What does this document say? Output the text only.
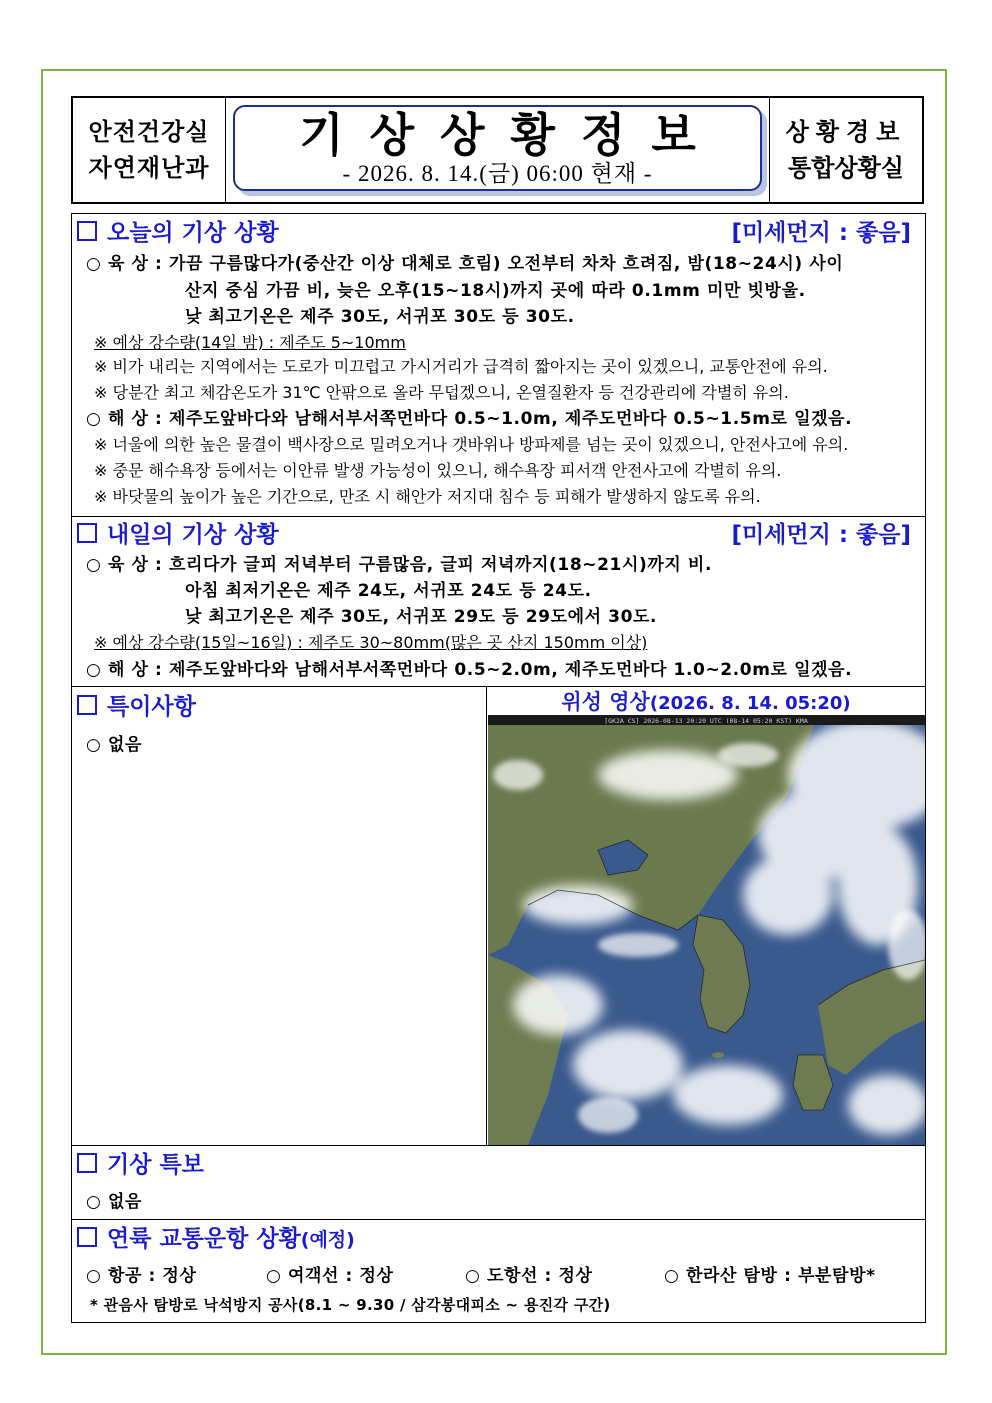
안전건강실
자연재난과
기상상황정보
- 2026. 8. 14.(금) 06:00 현재 -
상황경보
통합상황실
오늘의 기상 상황	[미세먼지 : 좋음]
○ 육 상 : 가끔 구름많다가(중산간 이상 대체로 흐림) 오전부터 차차 흐려짐, 밤(18~24시) 사이
산지 중심 가끔 비, 늦은 오후(15~18시)까지 곳에 따라 0.1mm 미만 빗방울.
낮 최고기온은 제주 30도, 서귀포 30도 등 30도.
※ 예상 강수량(14일 밤) : 제주도 5~10mm
※ 비가 내리는 지역에서는 도로가 미끄럽고 가시거리가 급격히 짧아지는 곳이 있겠으니, 교통안전에 유의.
※ 당분간 최고 체감온도가 31℃ 안팎으로 올라 무덥겠으니, 온열질환자 등 건강관리에 각별히 유의.
○ 해 상 : 제주도앞바다와 남해서부서쪽먼바다 0.5~1.0m, 제주도먼바다 0.5~1.5m로 일겠음.
※ 너울에 의한 높은 물결이 백사장으로 밀려오거나 갯바위나 방파제를 넘는 곳이 있겠으니, 안전사고에 유의.
※ 중문 해수욕장 등에서는 이안류 발생 가능성이 있으니, 해수욕장 피서객 안전사고에 각별히 유의.
※ 바닷물의 높이가 높은 기간으로, 만조 시 해안가 저지대 침수 등 피해가 발생하지 않도록 유의.
내일의 기상 상황	[미세먼지 : 좋음]
○ 육 상 : 흐리다가 글피 저녁부터 구름많음, 글피 저녁까지(18~21시)까지 비.
아침 최저기온은 제주 24도, 서귀포 24도 등 24도.
낮 최고기온은 제주 30도, 서귀포 29도 등 29도에서 30도.
※ 예상 강수량(15일~16일) : 제주도 30~80mm(많은 곳 산지 150mm 이상)
○ 해 상 : 제주도앞바다와 남해서부서쪽먼바다 0.5~2.0m, 제주도먼바다 1.0~2.0m로 일겠음.
특이사항
○ 없음
위성 영상(2026. 8. 14. 05:20)
[GK2A CS] 2026-08-13 20:20 UTC (08-14 05:20 KST) KMA
기상 특보
○ 없음
연륙 교통운항 상황(예정)
○ 항공 : 정상	○ 여객선 : 정상	○ 도항선 : 정상	○ 한라산 탐방 : 부분탐방*
* 관음사 탐방로 낙석방지 공사(8.1 ~ 9.30 / 삼각봉대피소 ~ 용진각 구간)
